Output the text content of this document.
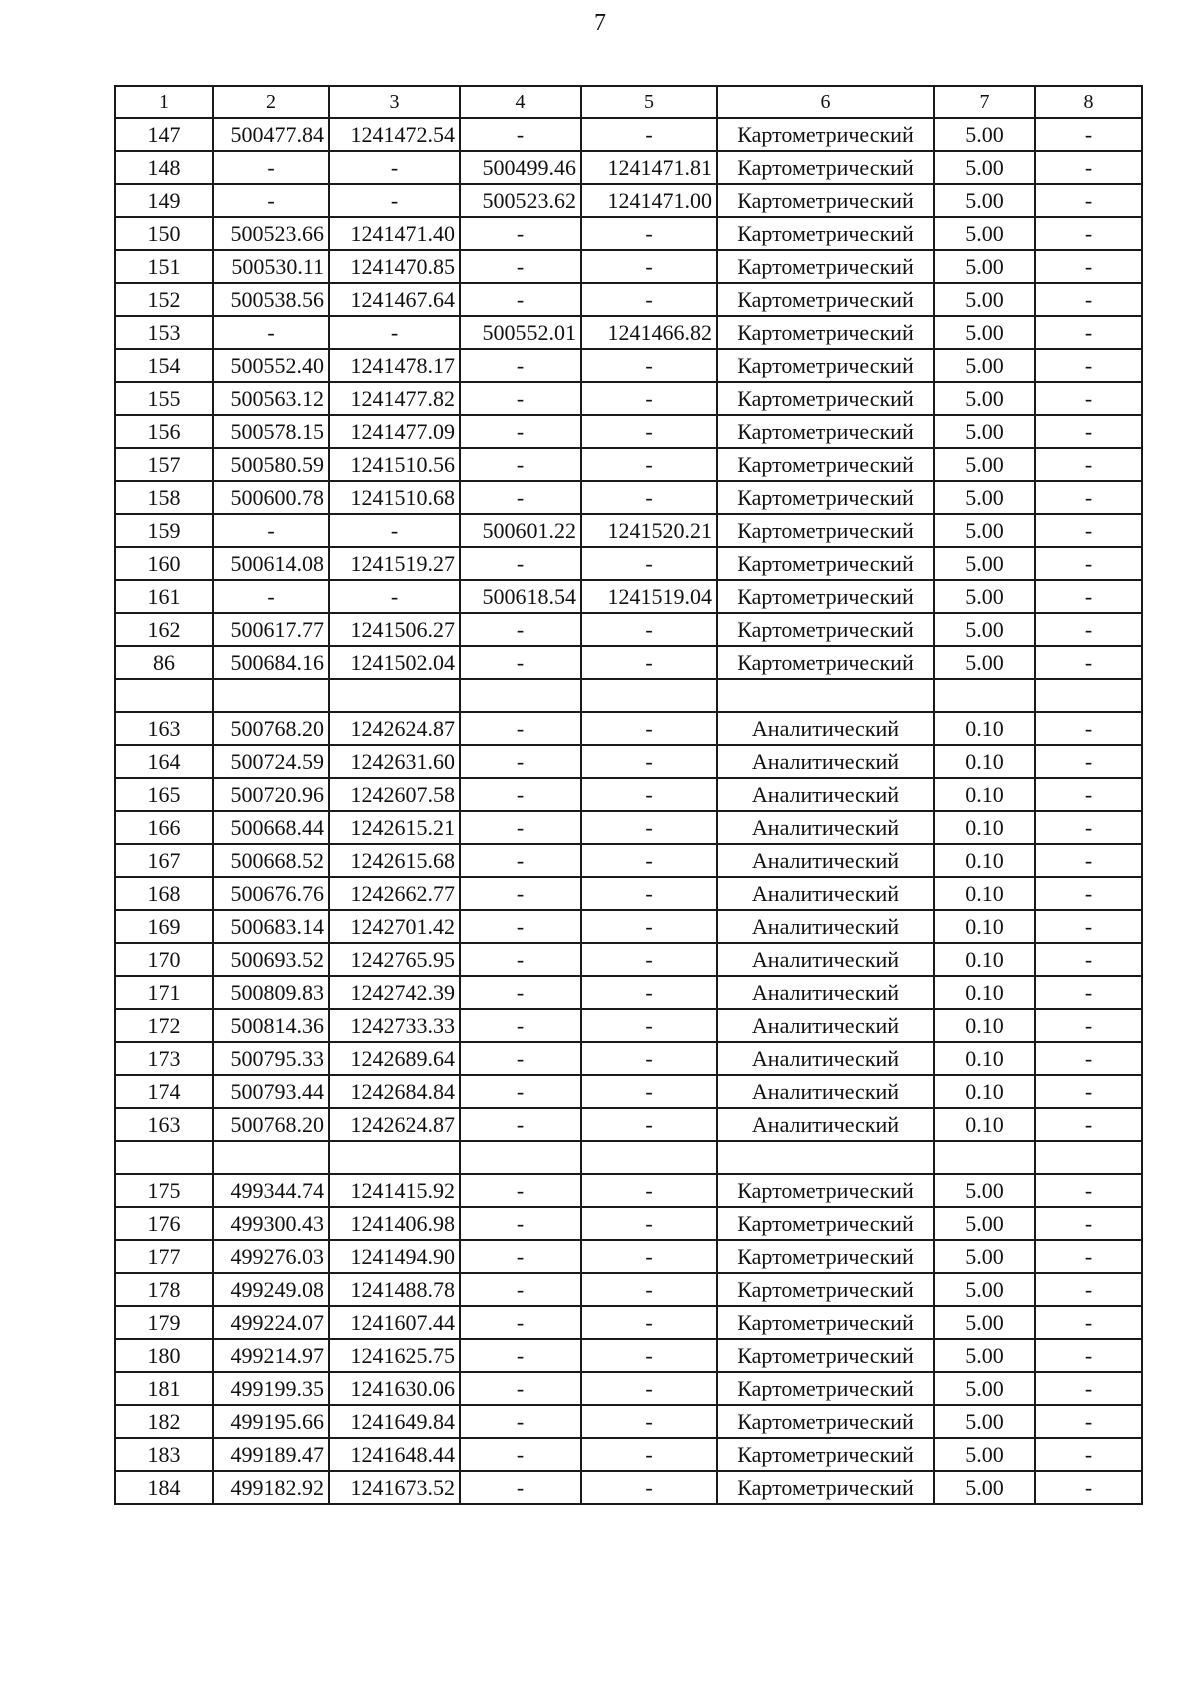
7
1	2	3	4	5	6	7	8
147	500477.84	1241472.54	-	-	Картометрический	5.00	-
148	-	-	500499.46	1241471.81	Картометрический	5.00	-
149	-	-	500523.62	1241471.00	Картометрический	5.00	-
150	500523.66	1241471.40	-	-	Картометрический	5.00	-
151	500530.11	1241470.85	-	-	Картометрический	5.00	-
152	500538.56	1241467.64	-	-	Картометрический	5.00	-
153	-	-	500552.01	1241466.82	Картометрический	5.00	-
154	500552.40	1241478.17	-	-	Картометрический	5.00	-
155	500563.12	1241477.82	-	-	Картометрический	5.00	-
156	500578.15	1241477.09	-	-	Картометрический	5.00	-
157	500580.59	1241510.56	-	-	Картометрический	5.00	-
158	500600.78	1241510.68	-	-	Картометрический	5.00	-
159	-	-	500601.22	1241520.21	Картометрический	5.00	-
160	500614.08	1241519.27	-	-	Картометрический	5.00	-
161	-	-	500618.54	1241519.04	Картометрический	5.00	-
162	500617.77	1241506.27	-	-	Картометрический	5.00	-
86	500684.16	1241502.04	-	-	Картометрический	5.00	-

163	500768.20	1242624.87	-	-	Аналитический	0.10	-
164	500724.59	1242631.60	-	-	Аналитический	0.10	-
165	500720.96	1242607.58	-	-	Аналитический	0.10	-
166	500668.44	1242615.21	-	-	Аналитический	0.10	-
167	500668.52	1242615.68	-	-	Аналитический	0.10	-
168	500676.76	1242662.77	-	-	Аналитический	0.10	-
169	500683.14	1242701.42	-	-	Аналитический	0.10	-
170	500693.52	1242765.95	-	-	Аналитический	0.10	-
171	500809.83	1242742.39	-	-	Аналитический	0.10	-
172	500814.36	1242733.33	-	-	Аналитический	0.10	-
173	500795.33	1242689.64	-	-	Аналитический	0.10	-
174	500793.44	1242684.84	-	-	Аналитический	0.10	-
163	500768.20	1242624.87	-	-	Аналитический	0.10	-

175	499344.74	1241415.92	-	-	Картометрический	5.00	-
176	499300.43	1241406.98	-	-	Картометрический	5.00	-
177	499276.03	1241494.90	-	-	Картометрический	5.00	-
178	499249.08	1241488.78	-	-	Картометрический	5.00	-
179	499224.07	1241607.44	-	-	Картометрический	5.00	-
180	499214.97	1241625.75	-	-	Картометрический	5.00	-
181	499199.35	1241630.06	-	-	Картометрический	5.00	-
182	499195.66	1241649.84	-	-	Картометрический	5.00	-
183	499189.47	1241648.44	-	-	Картометрический	5.00	-
184	499182.92	1241673.52	-	-	Картометрический	5.00	-
